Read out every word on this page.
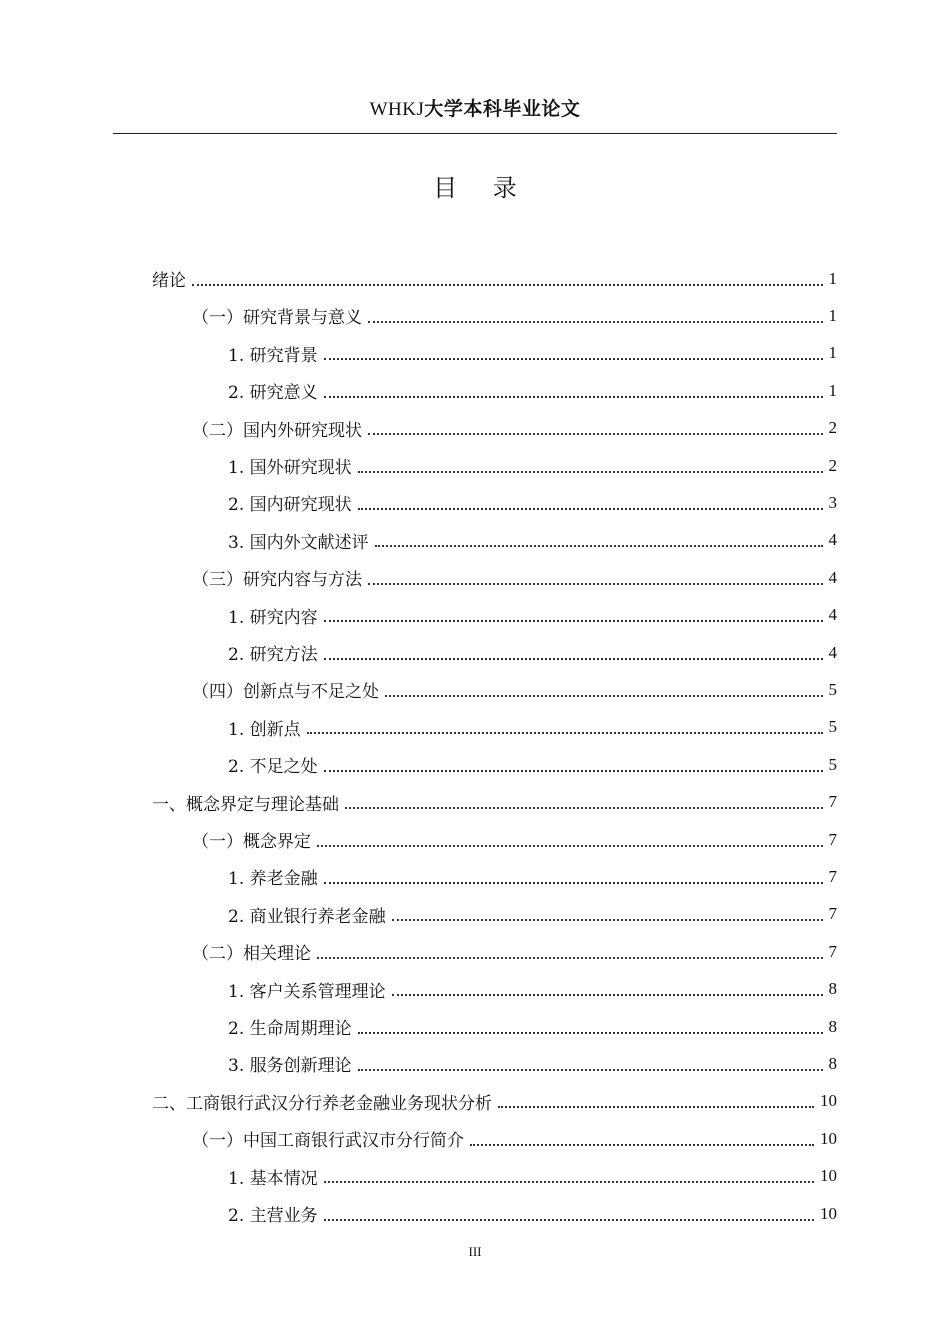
WHKJ大学本科毕业论文
目 录
绪论	1
（一）研究背景与意义	1
1. 研究背景	1
2. 研究意义	1
（二）国内外研究现状	2
1. 国外研究现状	2
2. 国内研究现状	3
3. 国内外文献述评	4
（三）研究内容与方法	4
1. 研究内容	4
2. 研究方法	4
（四）创新点与不足之处	5
1. 创新点	5
2. 不足之处	5
一、概念界定与理论基础	7
（一）概念界定	7
1. 养老金融	7
2. 商业银行养老金融	7
（二）相关理论	7
1. 客户关系管理理论	8
2. 生命周期理论	8
3. 服务创新理论	8
二、工商银行武汉分行养老金融业务现状分析	10
（一）中国工商银行武汉市分行简介	10
1. 基本情况	10
2. 主营业务	10
III
